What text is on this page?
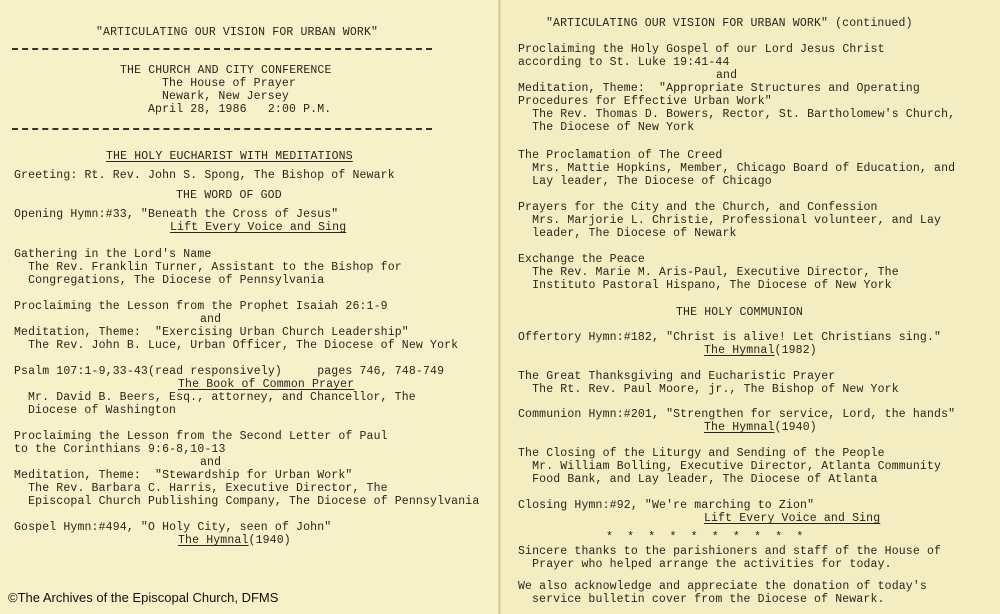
"ARTICULATING OUR VISION FOR URBAN WORK"
THE CHURCH AND CITY CONFERENCE
The House of Prayer
Newark, New Jersey
April 28, 1986   2:00 P.M.
THE HOLY EUCHARIST WITH MEDITATIONS
Greeting: Rt. Rev. John S. Spong, The Bishop of Newark
THE WORD OF GOD
Opening Hymn:#33, "Beneath the Cross of Jesus"
Lift Every Voice and Sing
Gathering in the Lord's Name
The Rev. Franklin Turner, Assistant to the Bishop for
Congregations, The Diocese of Pennsylvania
Proclaiming the Lesson from the Prophet Isaiah 26:1-9
and
Meditation, Theme:  "Exercising Urban Church Leadership"
The Rev. John B. Luce, Urban Officer, The Diocese of New York
Psalm 107:1-9,33-43(read responsively)     pages 746, 748-749
The Book of Common Prayer
Mr. David B. Beers, Esq., attorney, and Chancellor, The
Diocese of Washington
Proclaiming the Lesson from the Second Letter of Paul
to the Corinthians 9:6-8,10-13
and
Meditation, Theme:  "Stewardship for Urban Work"
The Rev. Barbara C. Harris, Executive Director, The
Episcopal Church Publishing Company, The Diocese of Pennsylvania
Gospel Hymn:#494, "O Holy City, seen of John"
The Hymnal(1940)
"ARTICULATING OUR VISION FOR URBAN WORK" (continued)
Proclaiming the Holy Gospel of our Lord Jesus Christ
according to St. Luke 19:41-44
and
Meditation, Theme:  "Appropriate Structures and Operating
Procedures for Effective Urban Work"
The Rev. Thomas D. Bowers, Rector, St. Bartholomew's Church,
The Diocese of New York
The Proclamation of The Creed
Mrs. Mattie Hopkins, Member, Chicago Board of Education, and
Lay leader, The Diocese of Chicago
Prayers for the City and the Church, and Confession
Mrs. Marjorie L. Christie, Professional volunteer, and Lay
leader, The Diocese of Newark
Exchange the Peace
The Rev. Marie M. Aris-Paul, Executive Director, The
Instituto Pastoral Hispano, The Diocese of New York
THE HOLY COMMUNION
Offertory Hymn:#182, "Christ is alive! Let Christians sing."
The Hymnal(1982)
The Great Thanksgiving and Eucharistic Prayer
The Rt. Rev. Paul Moore, jr., The Bishop of New York
Communion Hymn:#201, "Strengthen for service, Lord, the hands"
The Hymnal(1940)
The Closing of the Liturgy and Sending of the People
Mr. William Bolling, Executive Director, Atlanta Community
Food Bank, and Lay leader, The Diocese of Atlanta
Closing Hymn:#92, "We're marching to Zion"
Lift Every Voice and Sing
*  *  *  *  *  *  *  *  *  *
Sincere thanks to the parishioners and staff of the House of
Prayer who helped arrange the activities for today.
We also acknowledge and appreciate the donation of today's
service bulletin cover from the Diocese of Newark.
©The Archives of the Episcopal Church, DFMS
